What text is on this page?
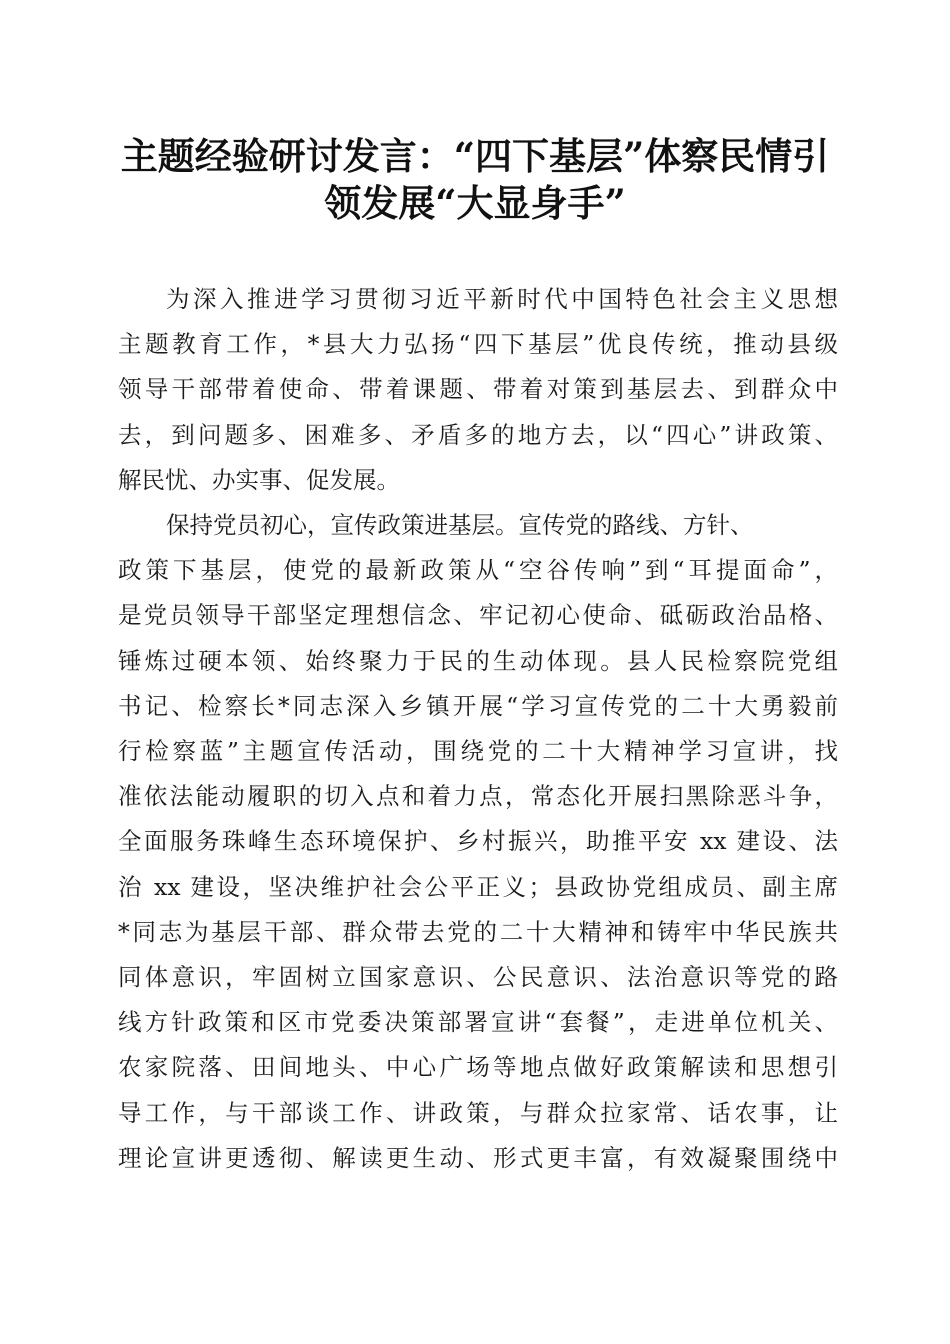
主题经验研讨发言：“四下基层”体察民情引
领发展“大显身手”
为深入推进学习贯彻习近平新时代中国特色社会主义思想
主题教育工作，*县大力弘扬“四下基层”优良传统，推动县级
领导干部带着使命、带着课题、带着对策到基层去、到群众中
去，到问题多、困难多、矛盾多的地方去，以“四心”讲政策、
解民忧、办实事、促发展。
保持党员初心，宣传政策进基层。宣传党的路线、方针、
政策下基层，使党的最新政策从“空谷传响”到“耳提面命”，
是党员领导干部坚定理想信念、牢记初心使命、砥砺政治品格、
锤炼过硬本领、始终聚力于民的生动体现。县人民检察院党组
书记、检察长*同志深入乡镇开展“学习宣传党的二十大勇毅前
行检察蓝”主题宣传活动，围绕党的二十大精神学习宣讲，找
准依法能动履职的切入点和着力点，常态化开展扫黑除恶斗争，
全面服务珠峰生态环境保护、乡村振兴，助推平安 xx 建设、法
治 xx 建设，坚决维护社会公平正义；县政协党组成员、副主席
*同志为基层干部、群众带去党的二十大精神和铸牢中华民族共
同体意识，牢固树立国家意识、公民意识、法治意识等党的路
线方针政策和区市党委决策部署宣讲“套餐”，走进单位机关、
农家院落、田间地头、中心广场等地点做好政策解读和思想引
导工作，与干部谈工作、讲政策，与群众拉家常、话农事，让
理论宣讲更透彻、解读更生动、形式更丰富，有效凝聚围绕中
